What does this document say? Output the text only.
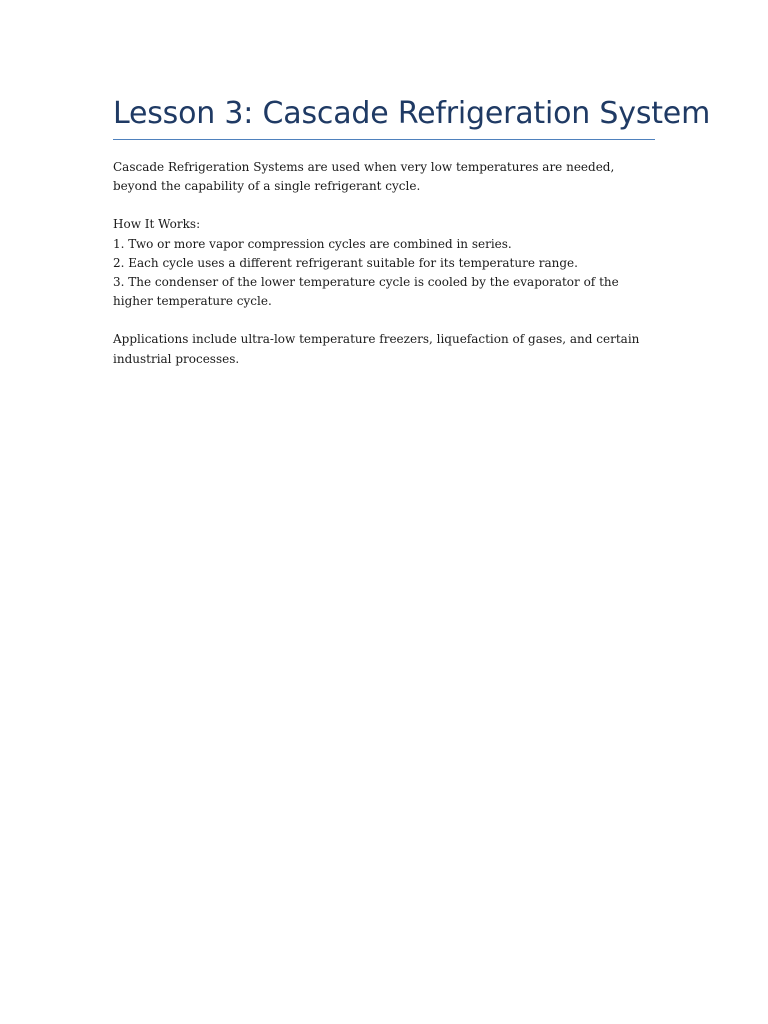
Lesson 3: Cascade Refrigeration System

Cascade Refrigeration Systems are used when very low temperatures are needed, beyond the capability of a single refrigerant cycle.

How It Works:
1. Two or more vapor compression cycles are combined in series.
2. Each cycle uses a different refrigerant suitable for its temperature range.
3. The condenser of the lower temperature cycle is cooled by the evaporator of the higher temperature cycle.

Applications include ultra-low temperature freezers, liquefaction of gases, and certain industrial processes.
